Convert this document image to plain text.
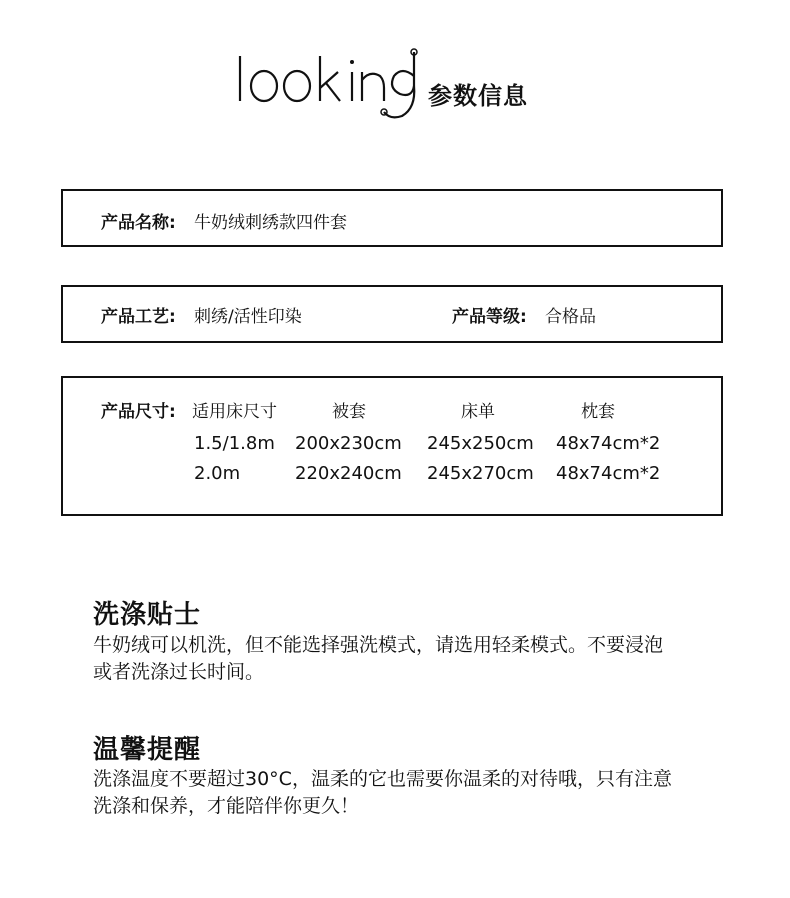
参数信息
产品名称: 牛奶绒刺绣款四件套
产品工艺: 刺绣/活性印染	产品等级: 合格品
产品尺寸: 适用床尺寸	被套	床单	枕套
1.5/1.8m 200x230cm 245x250cm 48x74cm*2
2.0m	220x240cm 245x270cm 48x74cm*2
洗涤贴士
牛奶绒可以机洗，但不能选择强洗模式，请选用轻柔模式。不要浸泡
或者洗涤过长时间。
温馨提醒
洗涤温度不要超过30°C，温柔的它也需要你温柔的对待哦，只有注意
洗涤和保养，才能陪伴你更久！
